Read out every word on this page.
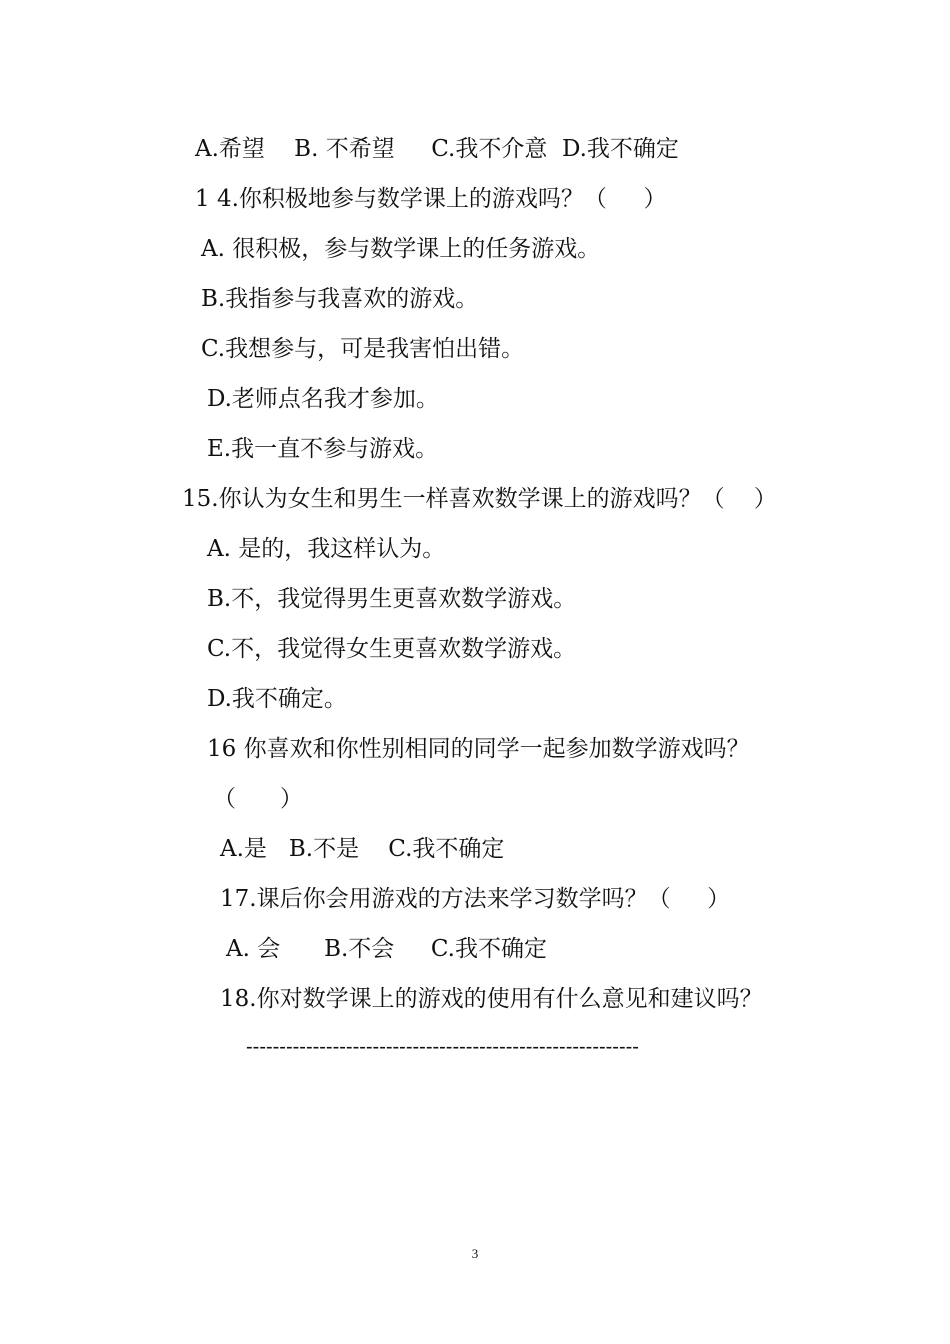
A.希望    B. 不希望     C.我不介意  D.我不确定
1 4.你积极地参与数学课上的游戏吗？（     ）
A. 很积极，参与数学课上的任务游戏。
B.我指参与我喜欢的游戏。
C.我想参与，可是我害怕出错。
D.老师点名我才参加。
E.我一直不参与游戏。
15.你认为女生和男生一样喜欢数学课上的游戏吗？（    ）
A. 是的，我这样认为。
B.不，我觉得男生更喜欢数学游戏。
C.不，我觉得女生更喜欢数学游戏。
D.我不确定。
16 你喜欢和你性别相同的同学一起参加数学游戏吗？
（      ）
A.是   B.不是    C.我不确定
17.课后你会用游戏的方法来学习数学吗？（     ）
A. 会      B.不会     C.我不确定
18.你对数学课上的游戏的使用有什么意见和建议吗？
-----------------------------------------------------------
3
